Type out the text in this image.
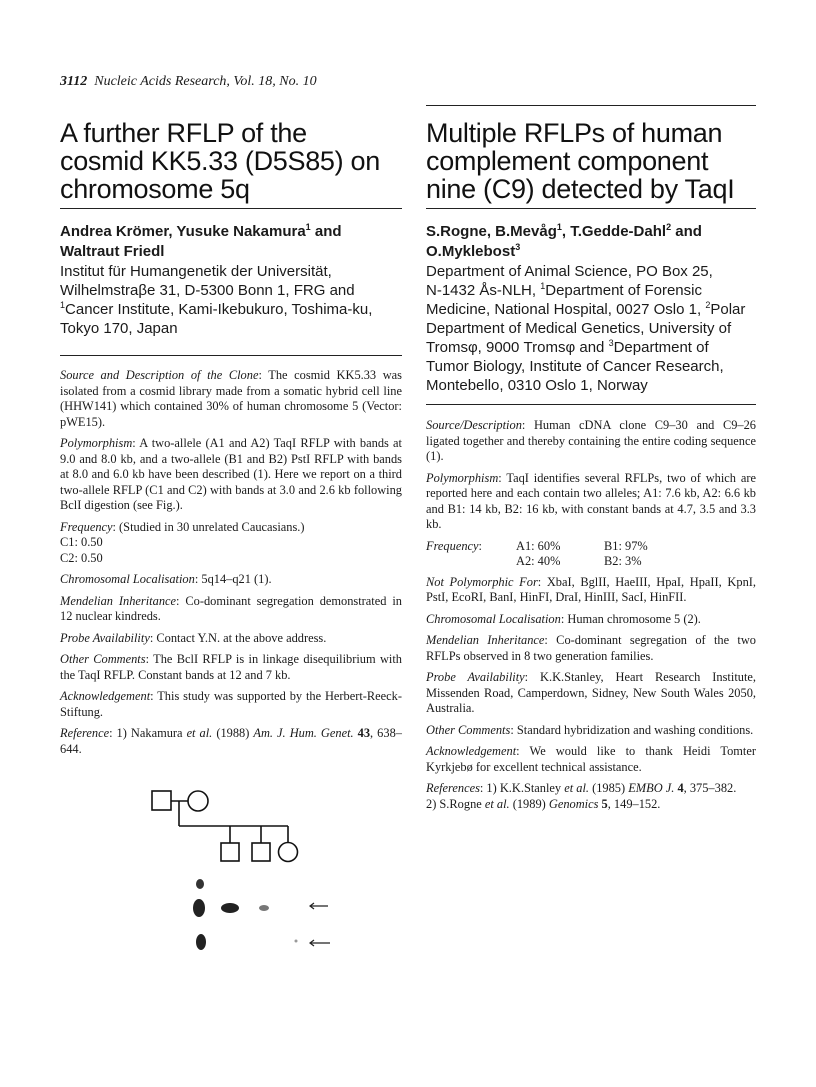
3112 Nucleic Acids Research, Vol. 18, No. 10
A further RFLP of the
cosmid KK5.33 (D5S85) on
chromosome 5q
Andrea Krömer, Yusuke Nakamura$^1$ and
Waltraut Friedl
Institut für Humangenetik der Universität,
Wilhelmstraβe 31, D-5300 Bonn 1, FRG and
$^1$Cancer Institute, Kami-Ikebukuro, Toshima-ku,
Tokyo 170, Japan

Source and Description of the Clone: The cosmid KK5.33 was isolated from a cosmid library made from a somatic hybrid cell line (HHW141) which contained 30% of human chromosome 5 (Vector: pWE15).

Polymorphism: A two-allele (A1 and A2) TaqI RFLP with bands at 9.0 and 8.0 kb, and a two-allele (B1 and B2) PstI RFLP with bands at 8.0 and 6.0 kb have been described (1). Here we report on a third two-allele RFLP (C1 and C2) with bands at 3.0 and 2.6 kb following BclI digestion (see Fig.).

Frequency: (Studied in 30 unrelated Caucasians.)
C1: 0.50
C2: 0.50

Chromosomal Localisation: 5q14–q21 (1).

Mendelian Inheritance: Co-dominant segregation demonstrated in 12 nuclear kindreds.

Probe Availability: Contact Y.N. at the above address.

Other Comments: The BclI RFLP is in linkage disequilibrium with the TaqI RFLP. Constant bands at 12 and 7 kb.

Acknowledgement: This study was supported by the Herbert-Reeck-Stiftung.

Reference: 1) Nakamura et al. (1988) Am. J. Hum. Genet. 43, 638–644.

Multiple RFLPs of human
complement component
nine (C9) detected by TaqI
S.Rogne, B.Mevåg$^1$, T.Gedde-Dahl$^2$ and
O.Myklebost$^3$
Department of Animal Science, PO Box 25,
N-1432 Ås-NLH, $^1$Department of Forensic
Medicine, National Hospital, 0027 Oslo 1, $^2$Polar
Department of Medical Genetics, University of
Tromsφ, 9000 Tromsφ and $^3$Department of
Tumor Biology, Institute of Cancer Research,
Montebello, 0310 Oslo 1, Norway

Source/Description: Human cDNA clone C9–30 and C9–26 ligated together and thereby containing the entire coding sequence (1).

Polymorphism: TaqI identifies several RFLPs, two of which are reported here and each contain two alleles; A1: 7.6 kb, A2: 6.6 kb and B1: 14 kb, B2: 16 kb, with constant bands at 4.7, 3.5 and 3.3 kb.

Frequency:	A1: 60%	B1: 97%
	A2: 40%	B2: 3%

Not Polymorphic For: XbaI, BglII, HaeIII, HpaI, HpaII, KpnI, PstI, EcoRI, BanI, HinFI, DraI, HinIII, SacI, HinFII.

Chromosomal Localisation: Human chromosome 5 (2).

Mendelian Inheritance: Co-dominant segregation of the two RFLPs observed in 8 two generation families.

Probe Availability: K.K.Stanley, Heart Research Institute, Missenden Road, Camperdown, Sidney, New South Wales 2050, Australia.

Other Comments: Standard hybridization and washing conditions.

Acknowledgement: We would like to thank Heidi Tomter Kyrkjebø for excellent technical assistance.

References: 1) K.K.Stanley et al. (1985) EMBO J. 4, 375–382.
2) S.Rogne et al. (1989) Genomics 5, 149–152.
